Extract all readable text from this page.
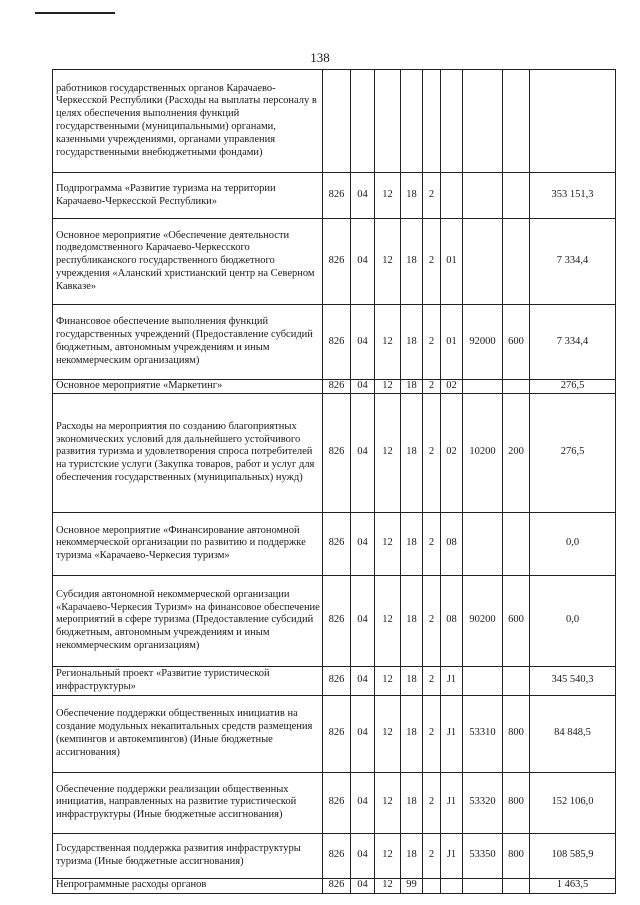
138
работников государственных органов Карачаево-Черкесской Республики (Расходы на выплаты персоналу в целях обеспечения выполнения функций государственными (муниципальными) органами, казенными учреждениями, органами управления государственными внебюджетными фондами)									
Подпрограмма «Развитие туризма на территории Карачаево-Черкесской Республики»	826	04	12	18	2				353 151,3
Основное мероприятие «Обеспечение деятельности подведомственного Карачаево-Черкесского республиканского государственного бюджетного учреждения «Аланский христианский центр на Северном Кавказе»	826	04	12	18	2	01			7 334,4
Финансовое обеспечение выполнения функций государственных учреждений (Предоставление субсидий бюджетным, автономным учреждениям и иным некоммерческим организациям)	826	04	12	18	2	01	92000	600	7 334,4
Основное мероприятие «Маркетинг»	826	04	12	18	2	02			276,5
Расходы на мероприятия по созданию благоприятных экономических условий для дальнейшего устойчивого развития туризма и удовлетворения спроса потребителей на туристские услуги (Закупка товаров, работ и услуг для обеспечения государственных (муниципальных) нужд)	826	04	12	18	2	02	10200	200	276,5
Основное мероприятие «Финансирование автономной некоммерческой организации по развитию и поддержке туризма «Карачаево-Черкесия туризм»	826	04	12	18	2	08			0,0
Субсидия автономной некоммерческой организации «Карачаево-Черкесия Туризм» на финансовое обеспечение мероприятий в сфере туризма (Предоставление субсидий бюджетным, автономным учреждениям и иным некоммерческим организациям)	826	04	12	18	2	08	90200	600	0,0
Региональный проект «Развитие туристической инфраструктуры»	826	04	12	18	2	J1			345 540,3
Обеспечение поддержки общественных инициатив на создание модульных некапитальных средств размещения (кемпингов и автокемпингов) (Иные бюджетные ассигнования)	826	04	12	18	2	J1	53310	800	84 848,5
Обеспечение поддержки реализации общественных инициатив, направленных на развитие туристической инфраструктуры (Иные бюджетные ассигнования)	826	04	12	18	2	J1	53320	800	152 106,0
Государственная поддержка развития инфраструктуры туризма (Иные бюджетные ассигнования)	826	04	12	18	2	J1	53350	800	108 585,9
Непрограммные расходы органов	826	04	12	99					1 463,5
